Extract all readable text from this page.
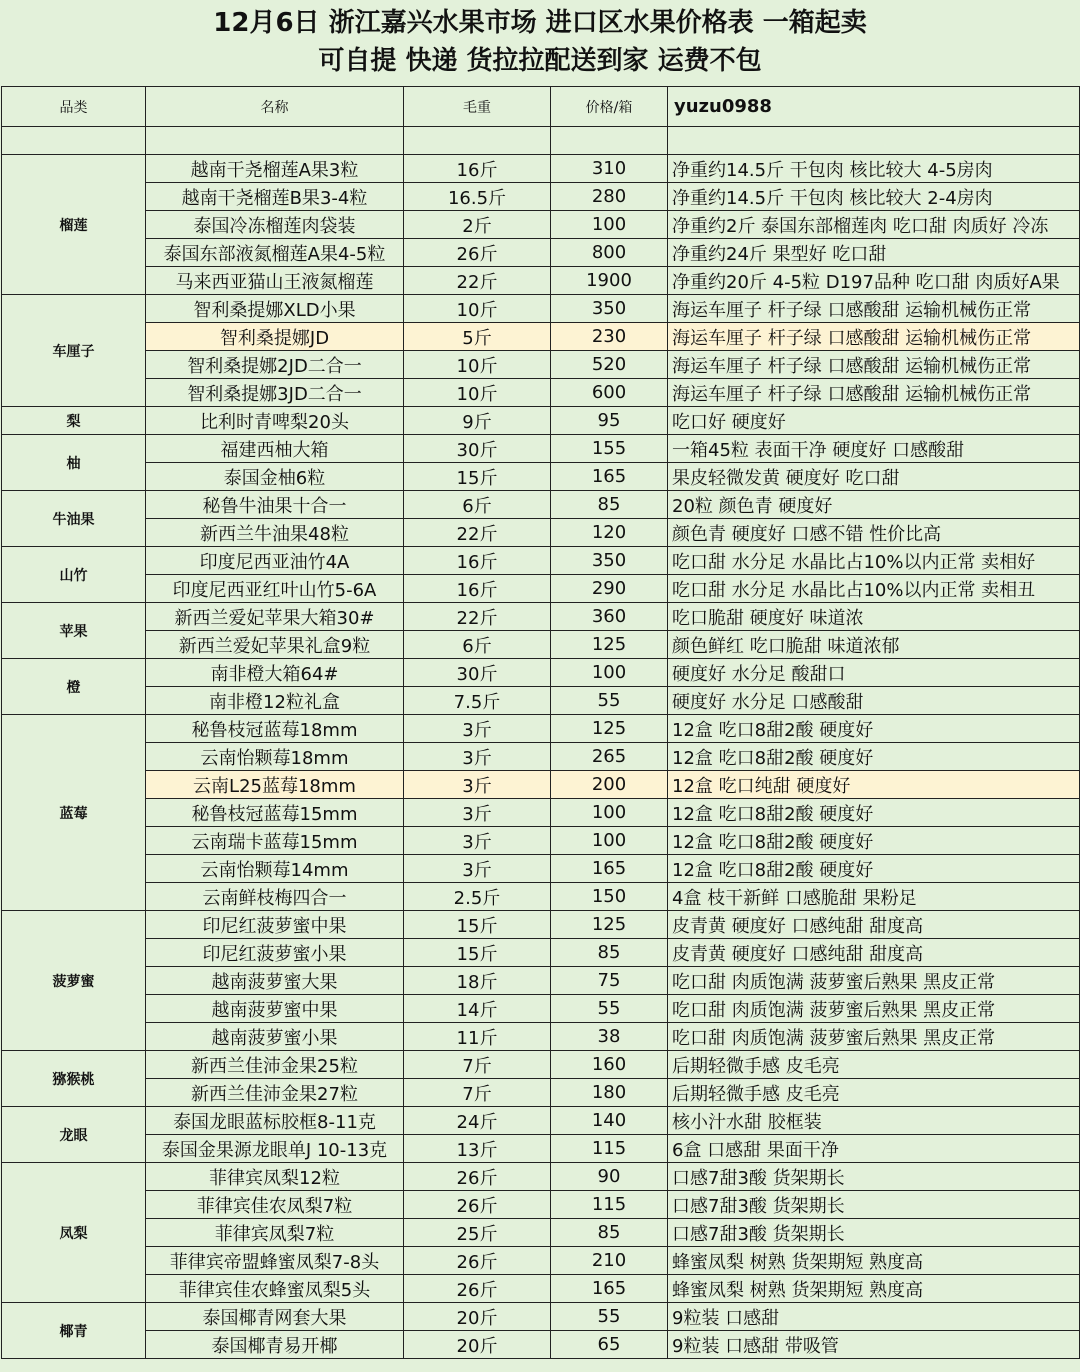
12月6日 浙江嘉兴水果市场 进口区水果价格表 一箱起卖
可自提 快递 货拉拉配送到家 运费不包
品类	名称	毛重	价格/箱	yuzu0988

榴莲	越南干尧榴莲A果3粒	16斤	310	净重约14.5斤 干包肉 核比较大 4-5房肉
	越南干尧榴莲B果3-4粒	16.5斤	280	净重约14.5斤 干包肉 核比较大 2-4房肉
	泰国冷冻榴莲肉袋装	2斤	100	净重约2斤 泰国东部榴莲肉 吃口甜 肉质好 冷冻
	泰国东部液氮榴莲A果4-5粒	26斤	800	净重约24斤 果型好 吃口甜
	马来西亚猫山王液氮榴莲	22斤	1900	净重约20斤 4-5粒 D197品种 吃口甜 肉质好A果
车厘子	智利桑提娜XLD小果	10斤	350	海运车厘子 杆子绿 口感酸甜 运输机械伤正常
	智利桑提娜JD	5斤	230	海运车厘子 杆子绿 口感酸甜 运输机械伤正常
	智利桑提娜2JD二合一	10斤	520	海运车厘子 杆子绿 口感酸甜 运输机械伤正常
	智利桑提娜3JD二合一	10斤	600	海运车厘子 杆子绿 口感酸甜 运输机械伤正常
梨	比利时青啤梨20头	9斤	95	吃口好 硬度好
柚	福建西柚大箱	30斤	155	一箱45粒 表面干净 硬度好 口感酸甜
	泰国金柚6粒	15斤	165	果皮轻微发黄 硬度好 吃口甜
牛油果	秘鲁牛油果十合一	6斤	85	20粒 颜色青 硬度好
	新西兰牛油果48粒	22斤	120	颜色青 硬度好 口感不错 性价比高
山竹	印度尼西亚油竹4A	16斤	350	吃口甜 水分足 水晶比占10%以内正常 卖相好
	印度尼西亚红叶山竹5-6A	16斤	290	吃口甜 水分足 水晶比占10%以内正常 卖相丑
苹果	新西兰爱妃苹果大箱30#	22斤	360	吃口脆甜 硬度好 味道浓
	新西兰爱妃苹果礼盒9粒	6斤	125	颜色鲜红 吃口脆甜 味道浓郁
橙	南非橙大箱64#	30斤	100	硬度好 水分足 酸甜口
	南非橙12粒礼盒	7.5斤	55	硬度好 水分足 口感酸甜
蓝莓	秘鲁枝冠蓝莓18mm	3斤	125	12盒 吃口8甜2酸 硬度好
	云南怡颗莓18mm	3斤	265	12盒 吃口8甜2酸 硬度好
	云南L25蓝莓18mm	3斤	200	12盒 吃口纯甜 硬度好
	秘鲁枝冠蓝莓15mm	3斤	100	12盒 吃口8甜2酸 硬度好
	云南瑞卡蓝莓15mm	3斤	100	12盒 吃口8甜2酸 硬度好
	云南怡颗莓14mm	3斤	165	12盒 吃口8甜2酸 硬度好
	云南鲜枝梅四合一	2.5斤	150	4盒 枝干新鲜 口感脆甜 果粉足
菠萝蜜	印尼红菠萝蜜中果	15斤	125	皮青黄 硬度好 口感纯甜 甜度高
	印尼红菠萝蜜小果	15斤	85	皮青黄 硬度好 口感纯甜 甜度高
	越南菠萝蜜大果	18斤	75	吃口甜 肉质饱满 菠萝蜜后熟果 黑皮正常
	越南菠萝蜜中果	14斤	55	吃口甜 肉质饱满 菠萝蜜后熟果 黑皮正常
	越南菠萝蜜小果	11斤	38	吃口甜 肉质饱满 菠萝蜜后熟果 黑皮正常
猕猴桃	新西兰佳沛金果25粒	7斤	160	后期轻微手感 皮毛亮
	新西兰佳沛金果27粒	7斤	180	后期轻微手感 皮毛亮
龙眼	泰国龙眼蓝标胶框8-11克	24斤	140	核小汁水甜 胶框装
	泰国金果源龙眼单J 10-13克	13斤	115	6盒 口感甜 果面干净
凤梨	菲律宾凤梨12粒	26斤	90	口感7甜3酸 货架期长
	菲律宾佳农凤梨7粒	26斤	115	口感7甜3酸 货架期长
	菲律宾凤梨7粒	25斤	85	口感7甜3酸 货架期长
	菲律宾帝盟蜂蜜凤梨7-8头	26斤	210	蜂蜜凤梨 树熟 货架期短 熟度高
	菲律宾佳农蜂蜜凤梨5头	26斤	165	蜂蜜凤梨 树熟 货架期短 熟度高
椰青	泰国椰青网套大果	20斤	55	9粒装 口感甜
	泰国椰青易开椰	20斤	65	9粒装 口感甜 带吸管
